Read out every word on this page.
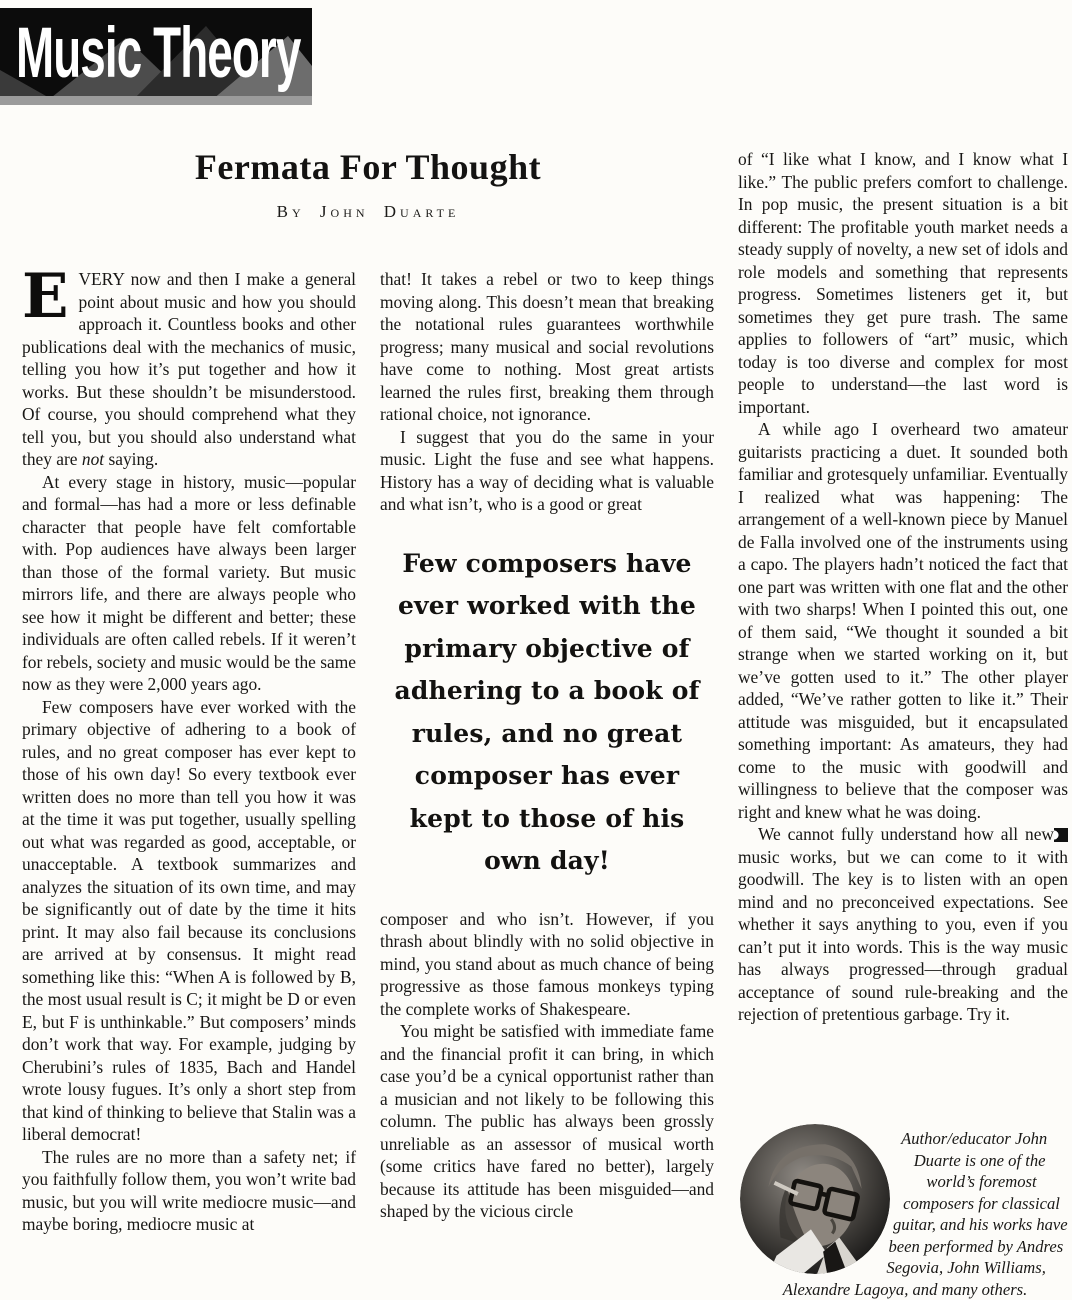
Music Theory
Fermata For Thought
By John Duarte

EVERY now and then I make a general point about music and how you should approach it. Countless books and other publications deal with the mechanics of music, telling you how it’s put together and how it works. But these shouldn’t be misunderstood. Of course, you should comprehend what they tell you, but you should also understand what they are not saying.

At every stage in history, music—popular and formal—has had a more or less definable character that people have felt comfortable with. Pop audiences have always been larger than those of the formal variety. But music mirrors life, and there are always people who see how it might be different and better; these individuals are often called rebels. If it weren’t for rebels, society and music would be the same now as they were 2,000 years ago.

Few composers have ever worked with the primary objective of adhering to a book of rules, and no great composer has ever kept to those of his own day! So every textbook ever written does no more than tell you how it was at the time it was put together, usually spelling out what was regarded as good, acceptable, or unacceptable. A textbook summarizes and analyzes the situation of its own time, and may be significantly out of date by the time it hits print. It may also fail because its conclusions are arrived at by consensus. It might read something like this: “When A is followed by B, the most usual result is C; it might be D or even E, but F is unthinkable.” But composers’ minds don’t work that way. For example, judging by Cherubini’s rules of 1835, Bach and Handel wrote lousy fugues. It’s only a short step from that kind of thinking to believe that Stalin was a liberal democrat!

The rules are no more than a safety net; if you faithfully follow them, you won’t write bad music, but you will write mediocre music—and maybe boring, mediocre music at

that! It takes a rebel or two to keep things moving along. This doesn’t mean that breaking the notational rules guarantees worthwhile progress; many musical and social revolutions have come to nothing. Most great artists learned the rules first, breaking them through rational choice, not ignorance.

I suggest that you do the same in your music. Light the fuse and see what happens. History has a way of deciding what is valuable and what isn’t, who is a good or great

Few composers have ever worked with the primary objective of adhering to a book of rules, and no great composer has ever kept to those of his own day!

composer and who isn’t. However, if you thrash about blindly with no solid objective in mind, you stand about as much chance of being progressive as those famous monkeys typing the complete works of Shakespeare.

You might be satisfied with immediate fame and the financial profit it can bring, in which case you’d be a cynical opportunist rather than a musician and not likely to be following this column. The public has always been grossly unreliable as an assessor of musical worth (some critics have fared no better), largely because its attitude has been misguided—and shaped by the vicious circle

of “I like what I know, and I know what I like.” The public prefers comfort to challenge. In pop music, the present situation is a bit different: The profitable youth market needs a steady supply of novelty, a new set of idols and role models and something that represents progress. Sometimes listeners get it, but sometimes they get pure trash. The same applies to followers of “art” music, which today is too diverse and complex for most people to understand—the last word is important.

A while ago I overheard two amateur guitarists practicing a duet. It sounded both familiar and grotesquely unfamiliar. Eventually I realized what was happening: The arrangement of a well-known piece by Manuel de Falla involved one of the instruments using a capo. The players hadn’t noticed the fact that one part was written with one flat and the other with two sharps! When I pointed this out, one of them said, “We thought it sounded a bit strange when we started working on it, but we’ve gotten used to it.” The other player added, “We’ve rather gotten to like it.” Their attitude was misguided, but it encapsulated something important: As amateurs, they had come to the music with goodwill and willingness to believe that the composer was right and knew what he was doing.

We cannot fully understand how all new music works, but we can come to it with goodwill. The key is to listen with an open mind and no preconceived expectations. See whether it says anything to you, even if you can’t put it into words. This is the way music has always progressed—through gradual acceptance of sound rule-breaking and the rejection of pretentious garbage. Try it.

Author/educator John Duarte is one of the world’s foremost composers for classical guitar, and his works have been performed by Andres Segovia, John Williams, Alexandre Lagoya, and many others.
